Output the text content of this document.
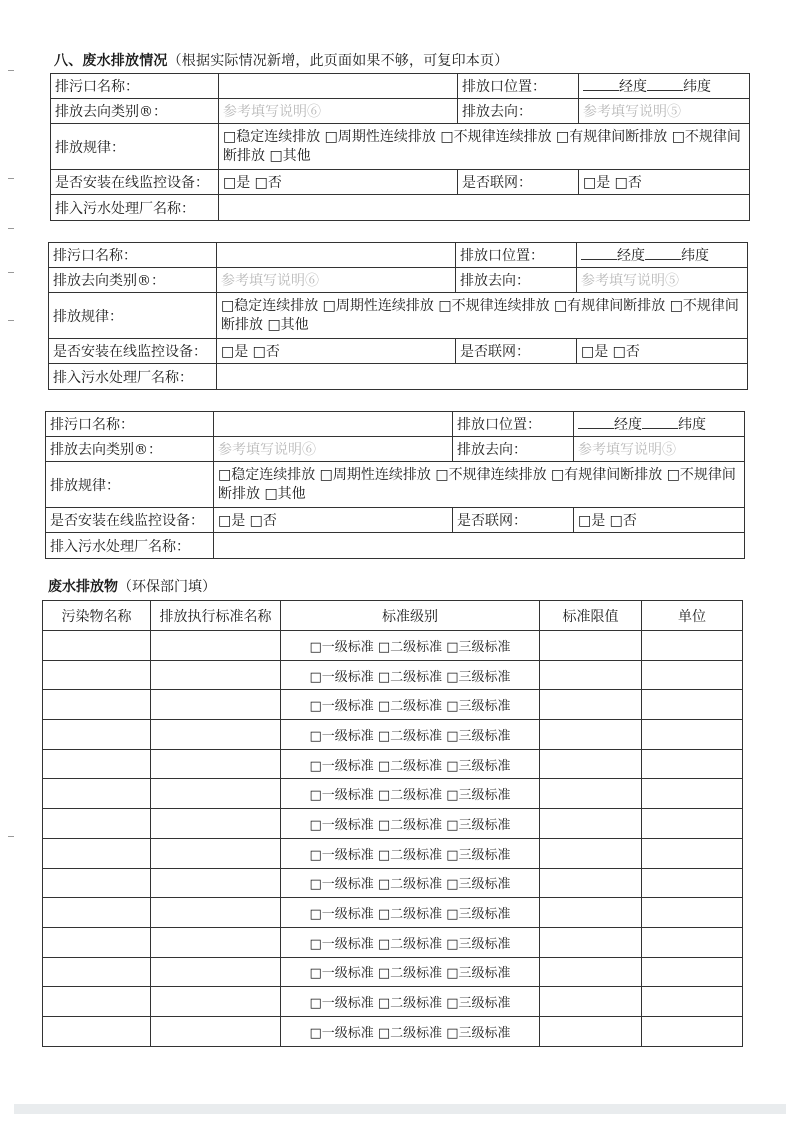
八、废水排放情况（根据实际情况新增，此页面如果不够，可复印本页）
排污口名称：		排放口位置：	经度 纬度
排放去向类别®：	参考填写说明⑥	排放去向：	参考填写说明⑤
排放规律：	□稳定连续排放 □周期性连续排放 □不规律连续排放 □有规律间断排放 □不规律间断排放 □其他		
是否安装在线监控设备：	□是 □否	是否联网：	□是 □否
排入污水处理厂名称：			
排污口名称：		排放口位置：	经度 纬度
排放去向类别®：	参考填写说明⑥	排放去向：	参考填写说明⑤
排放规律：	□稳定连续排放 □周期性连续排放 □不规律连续排放 □有规律间断排放 □不规律间断排放 □其他		
是否安装在线监控设备：	□是 □否	是否联网：	□是 □否
排入污水处理厂名称：			
排污口名称：		排放口位置：	经度 纬度
排放去向类别®：	参考填写说明⑥	排放去向：	参考填写说明⑤
排放规律：	□稳定连续排放 □周期性连续排放 □不规律连续排放 □有规律间断排放 □不规律间断排放 □其他		
是否安装在线监控设备：	□是 □否	是否联网：	□是 □否
排入污水处理厂名称：			
废水排放物（环保部门填）
污染物名称	排放执行标准名称	标准级别	标准限值	单位
		□一级标准 □二级标准 □三级标准		
		□一级标准 □二级标准 □三级标准		
		□一级标准 □二级标准 □三级标准		
		□一级标准 □二级标准 □三级标准		
		□一级标准 □二级标准 □三级标准		
		□一级标准 □二级标准 □三级标准		
		□一级标准 □二级标准 □三级标准		
		□一级标准 □二级标准 □三级标准		
		□一级标准 □二级标准 □三级标准		
		□一级标准 □二级标准 □三级标准		
		□一级标准 □二级标准 □三级标准		
		□一级标准 □二级标准 □三级标准		
		□一级标准 □二级标准 □三级标准		
		□一级标准 □二级标准 □三级标准		
